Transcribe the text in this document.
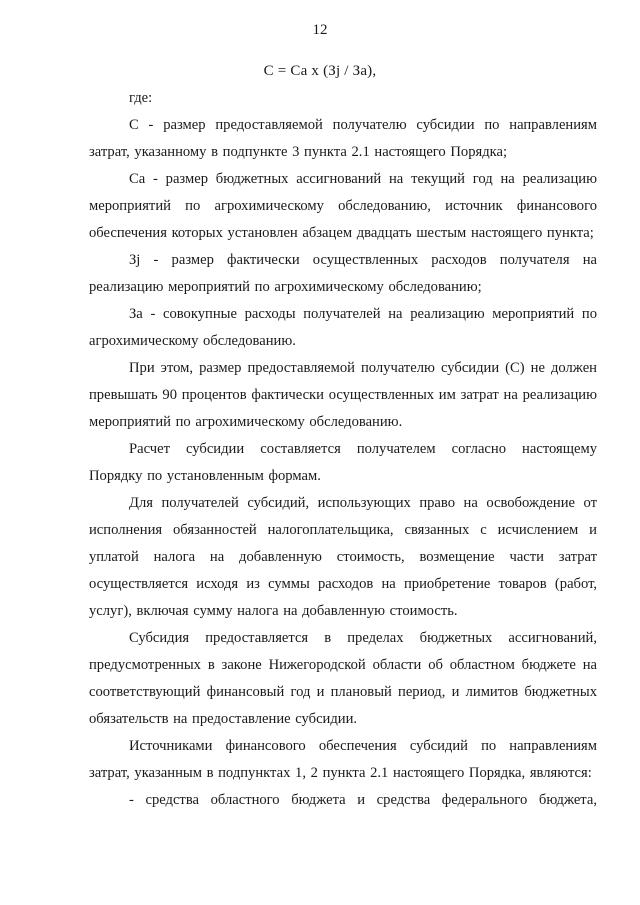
12
С = Са х (Зj / За),

где:

С - размер предоставляемой получателю субсидии по направлениям затрат, указанному в подпункте 3 пункта 2.1 настоящего Порядка;

Са - размер бюджетных ассигнований на текущий год на реализацию мероприятий по агрохимическому обследованию, источник финансового обеспечения которых установлен абзацем двадцать шестым настоящего пункта;

Зj - размер фактически осуществленных расходов получателя на реализацию мероприятий по агрохимическому обследованию;

За - совокупные расходы получателей на реализацию мероприятий по агрохимическому обследованию.

При этом, размер предоставляемой получателю субсидии (С) не должен превышать 90 процентов фактически осуществленных им затрат на реализацию мероприятий по агрохимическому обследованию.

Расчет субсидии составляется получателем согласно настоящему Порядку по установленным формам.

Для получателей субсидий, использующих право на освобождение от исполнения обязанностей налогоплательщика, связанных с исчислением и уплатой налога на добавленную стоимость, возмещение части затрат осуществляется исходя из суммы расходов на приобретение товаров (работ, услуг), включая сумму налога на добавленную стоимость.

Субсидия предоставляется в пределах бюджетных ассигнований, предусмотренных в законе Нижегородской области об областном бюджете на соответствующий финансовый год и плановый период, и лимитов бюджетных обязательств на предоставление субсидии.

Источниками финансового обеспечения субсидий по направлениям затрат, указанным в подпунктах 1, 2 пункта 2.1 настоящего Порядка, являются:

- средства областного бюджета и средства федерального бюджета,
